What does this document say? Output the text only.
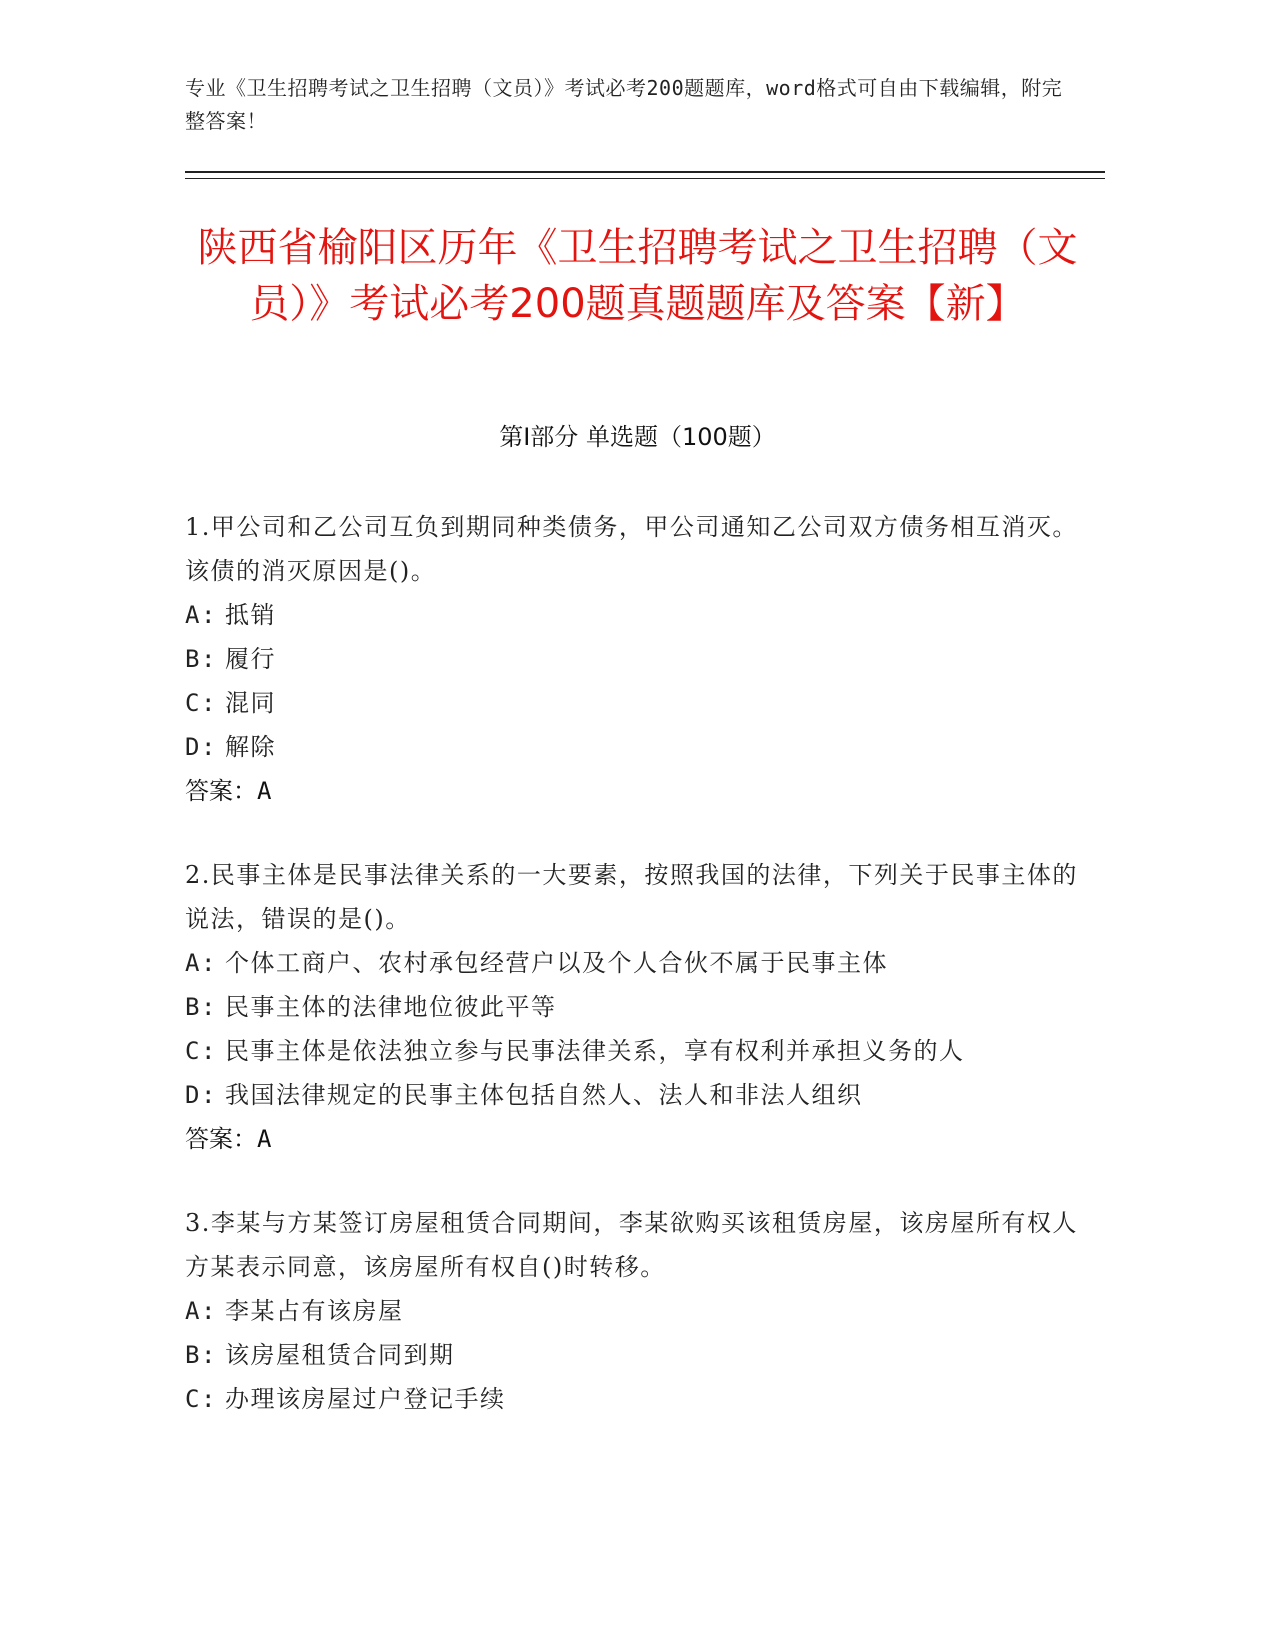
专业《卫生招聘考试之卫生招聘（文员）》考试必考200题题库，word格式可自由下载编辑，附完整答案！
陕西省榆阳区历年《卫生招聘考试之卫生招聘（文员）》考试必考200题真题题库及答案【新】
第Ⅰ部分 单选题（100题）
1.甲公司和乙公司互负到期同种类债务，甲公司通知乙公司双方债务相互消灭。该债的消灭原因是()。
A: 抵销
B: 履行
C: 混同
D: 解除
答案：A
2.民事主体是民事法律关系的一大要素，按照我国的法律，下列关于民事主体的说法，错误的是()。
A: 个体工商户、农村承包经营户以及个人合伙不属于民事主体
B: 民事主体的法律地位彼此平等
C: 民事主体是依法独立参与民事法律关系，享有权利并承担义务的人
D: 我国法律规定的民事主体包括自然人、法人和非法人组织
答案：A
3.李某与方某签订房屋租赁合同期间，李某欲购买该租赁房屋，该房屋所有权人方某表示同意，该房屋所有权自()时转移。
A: 李某占有该房屋
B: 该房屋租赁合同到期
C: 办理该房屋过户登记手续
